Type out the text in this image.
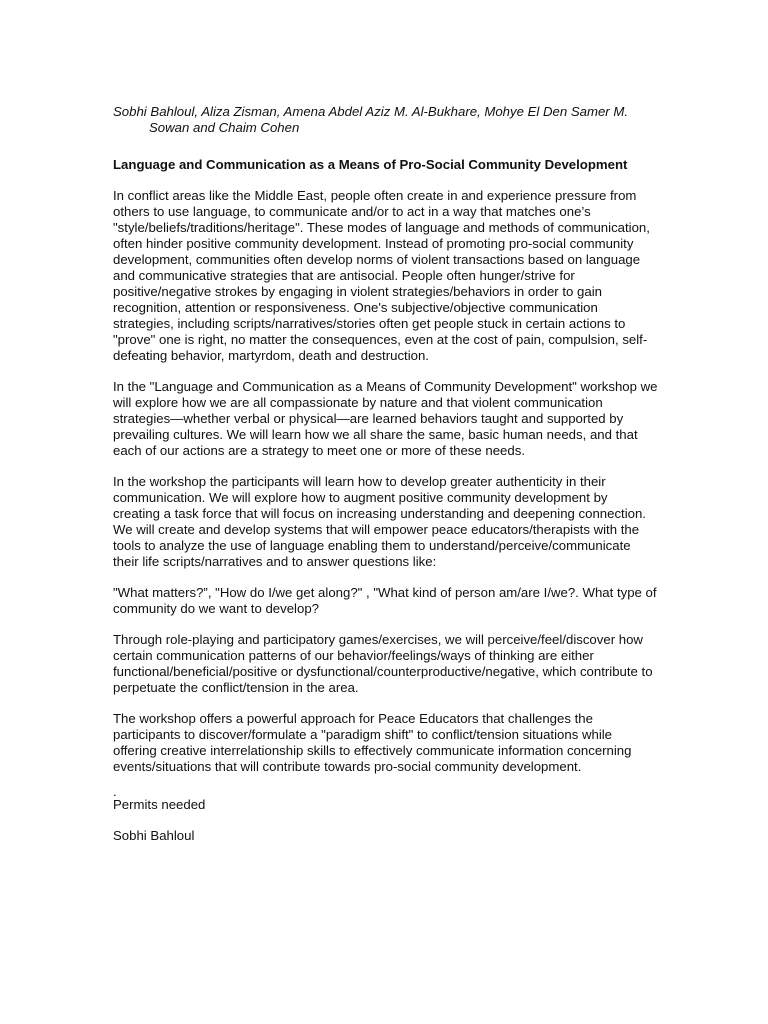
Sobhi Bahloul, Aliza Zisman, Amena Abdel Aziz M. Al-Bukhare, Mohye El Den Samer M. Sowan and Chaim Cohen
Language and Communication as a Means of Pro-Social Community Development
In conflict areas like the Middle East, people often create in and experience pressure from others to use language, to communicate and/or to act in a way that matches one’s "style/beliefs/traditions/heritage". These modes of language and methods of communication, often hinder positive community development. Instead of promoting pro-social community development, communities often develop norms of violent transactions based on language and communicative strategies that are antisocial. People often hunger/strive for positive/negative strokes by engaging in violent strategies/behaviors in order to gain recognition, attention or responsiveness. One's subjective/objective communication strategies, including scripts/narratives/stories often get people stuck in certain actions to "prove" one is right, no matter the consequences, even at the cost of pain, compulsion, self-defeating behavior, martyrdom, death and destruction.
In the "Language and Communication as a Means of Community Development" workshop we will explore how we are all compassionate by nature and that violent communication strategies—whether verbal or physical—are learned behaviors taught and supported by prevailing cultures. We will learn how we all share the same, basic human needs, and that each of our actions are a strategy to meet one or more of these needs.
In the workshop the participants will learn how to develop greater authenticity in their communication. We will explore how to augment positive community development by creating a task force that will focus on increasing understanding and deepening connection. We will create and develop systems that will empower peace educators/therapists with the tools to analyze the use of language enabling them to understand/perceive/communicate their life scripts/narratives and to answer questions like:
"What matters?”, "How do I/we get along?" , "What kind of person am/are I/we?. What type of community do we want to develop?
Through role-playing and participatory games/exercises, we will perceive/feel/discover how certain communication patterns of our behavior/feelings/ways of thinking are either functional/beneficial/positive or dysfunctional/counterproductive/negative, which contribute to perpetuate the conflict/tension in the area.
The workshop offers a powerful approach for Peace Educators that challenges the participants to discover/formulate a "paradigm shift" to conflict/tension situations while offering creative interrelationship skills to effectively communicate information concerning events/situations that will contribute towards pro-social community development.
.
Permits needed
Sobhi Bahloul
